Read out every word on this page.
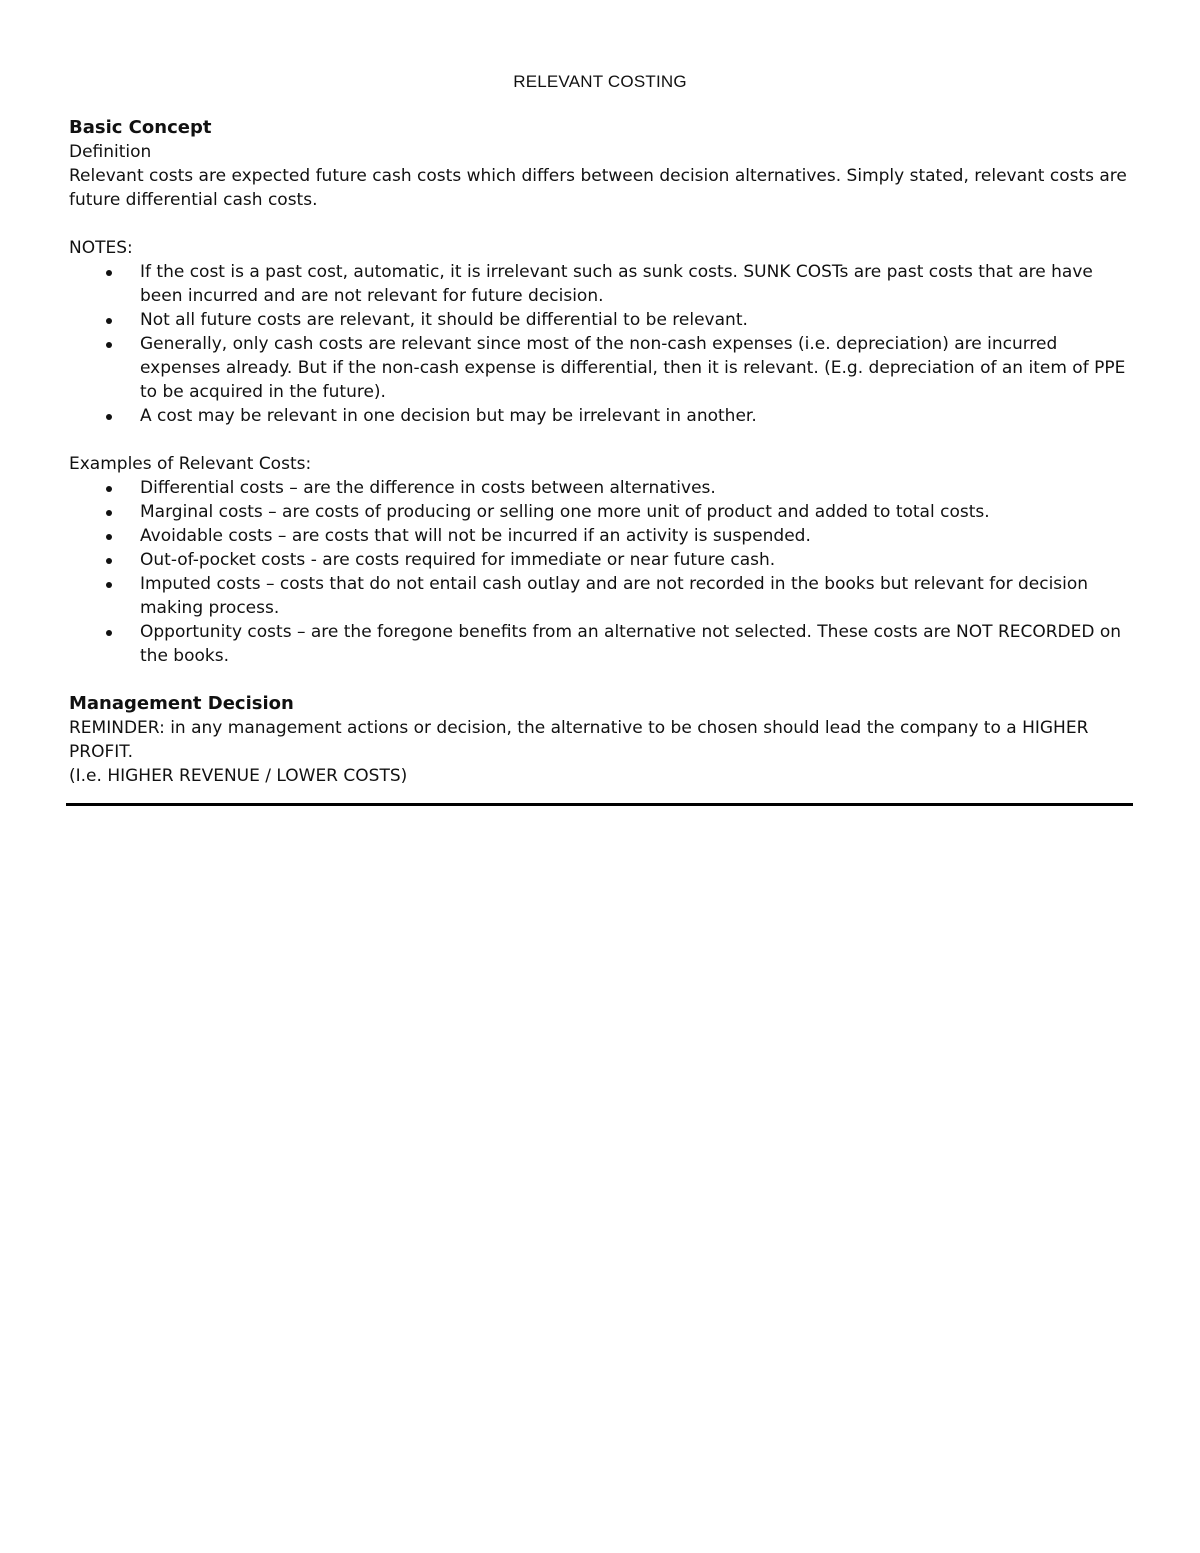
RELEVANT COSTING

Basic Concept

Definition

Relevant costs are expected future cash costs which differs between decision alternatives. Simply stated, relevant costs are future differential cash costs.

NOTES:

If the cost is a past cost, automatic, it is irrelevant such as sunk costs. SUNK COSTs are past costs that are have been incurred and are not relevant for future decision.
Not all future costs are relevant, it should be differential to be relevant.
Generally, only cash costs are relevant since most of the non-cash expenses (i.e. depreciation) are incurred expenses already. But if the non-cash expense is differential, then it is relevant. (E.g. depreciation of an item of PPE to be acquired in the future).
A cost may be relevant in one decision but may be irrelevant in another.

Examples of Relevant Costs:

Differential costs – are the difference in costs between alternatives.
Marginal costs – are costs of producing or selling one more unit of product and added to total costs.
Avoidable costs – are costs that will not be incurred if an activity is suspended.
Out-of-pocket costs - are costs required for immediate or near future cash.
Imputed costs – costs that do not entail cash outlay and are not recorded in the books but relevant for decision making process.
Opportunity costs – are the foregone benefits from an alternative not selected. These costs are NOT RECORDED on the books.

Management Decision

REMINDER: in any management actions or decision, the alternative to be chosen should lead the company to a HIGHER PROFIT.

(I.e. HIGHER REVENUE / LOWER COSTS)
